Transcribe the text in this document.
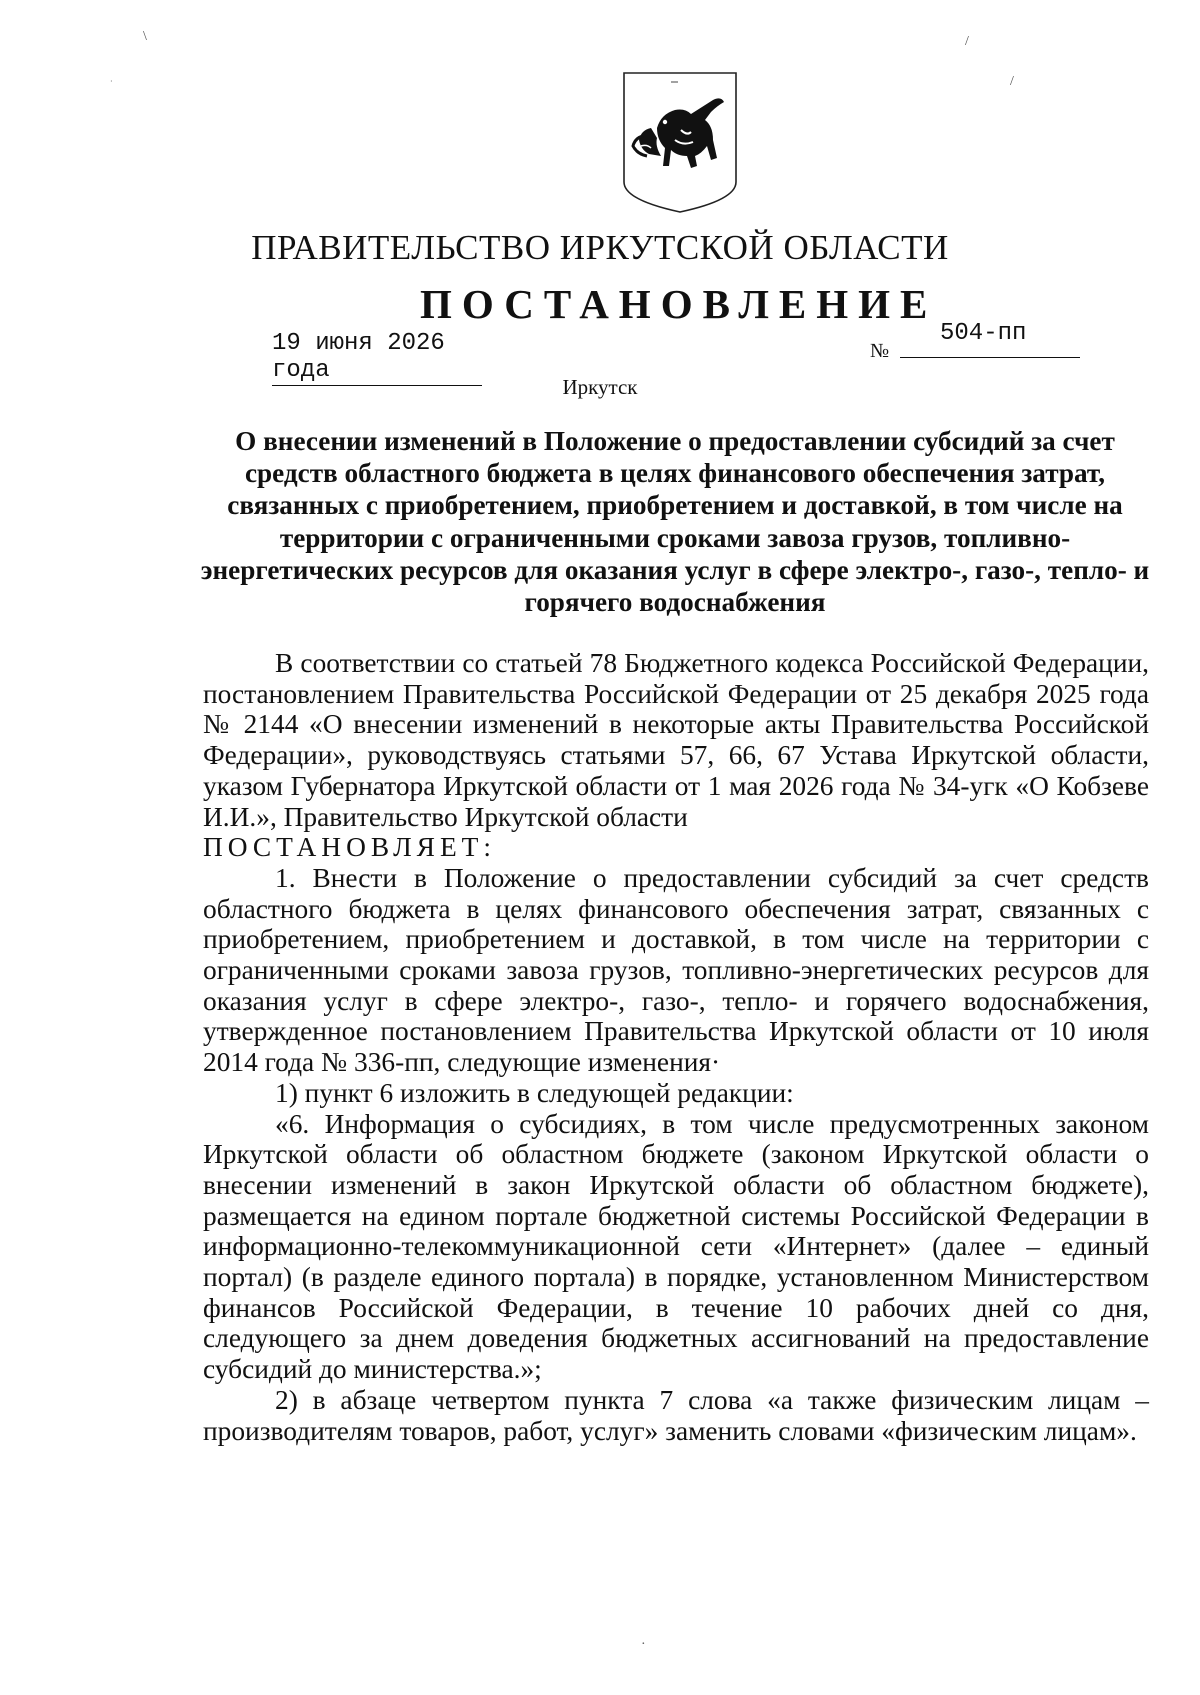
\	/
·	/
·
ПРАВИТЕЛЬСТВО ИРКУТСКОЙ ОБЛАСТИ
ПОСТАНОВЛЕНИЕ
19 июня 2026 года
№
504-пп
Иркутск
О внесении изменений в Положение о предоставлении субсидий за счет средств областного бюджета в целях финансового обеспечения затрат, связанных с приобретением, приобретением и доставкой, в том числе на территории с ограниченными сроками завоза грузов, топливно-энергетических ресурсов для оказания услуг в сфере электро-, газо-, тепло- и горячего водоснабжения

В соответствии со статьей 78 Бюджетного кодекса Российской Федерации, постановлением Правительства Российской Федерации от 25 декабря 2025 года № 2144 «О внесении изменений в некоторые акты Правительства Российской Федерации», руководствуясь статьями 57, 66, 67 Устава Иркутской области, указом Губернатора Иркутской области от 1 мая 2026 года № 34-угк «О Кобзеве И.И.», Правительство Иркутской области

ПОСТАНОВЛЯЕТ:

1. Внести в Положение о предоставлении субсидий за счет средств областного бюджета в целях финансового обеспечения затрат, связанных с приобретением, приобретением и доставкой, в том числе на территории с ограниченными сроками завоза грузов, топливно-энергетических ресурсов для оказания услуг в сфере электро-, газо-, тепло- и горячего водоснабжения, утвержденное постановлением Правительства Иркутской области от 10 июля 2014 года № 336-пп, следующие изменения·

1) пункт 6 изложить в следующей редакции:

«6. Информация о субсидиях, в том числе предусмотренных законом Иркутской области об областном бюджете (законом Иркутской области о внесении изменений в закон Иркутской области об областном бюджете), размещается на едином портале бюджетной системы Российской Федерации в информационно-телекоммуникационной сети «Интернет» (далее – единый портал) (в разделе единого портала) в порядке, установленном Министерством финансов Российской Федерации, в течение 10 рабочих дней со дня, следующего за днем доведения бюджетных ассигнований на предоставление субсидий до министерства.»;

2) в абзаце четвертом пункта 7 слова «а также физическим лицам – производителям товаров, работ, услуг» заменить словами «физическим лицам».
